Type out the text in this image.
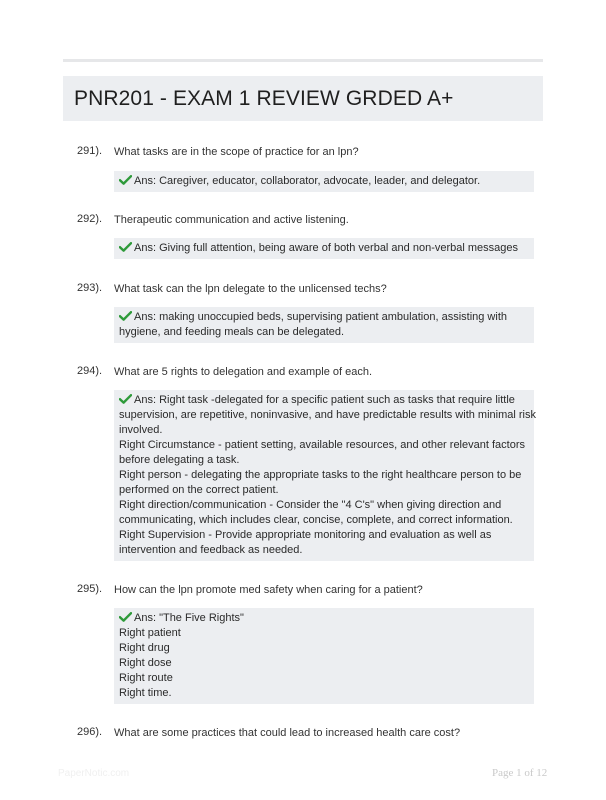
PNR201 - EXAM 1 REVIEW GRDED A+
291). What tasks are in the scope of practice for an lpn?
Ans: Caregiver, educator, collaborator, advocate, leader, and delegator.
292). Therapeutic communication and active listening.
Ans: Giving full attention, being aware of both verbal and non-verbal messages
293). What task can the lpn delegate to the unlicensed techs?
Ans: making unoccupied beds, supervising patient ambulation, assisting with
hygiene, and feeding meals can be delegated.
294). What are 5 rights to delegation and example of each.
Ans: Right task -delegated for a specific patient such as tasks that require little
supervision, are repetitive, noninvasive, and have predictable results with minimal risk
involved.
Right Circumstance - patient setting, available resources, and other relevant factors
before delegating a task.
Right person - delegating the appropriate tasks to the right healthcare person to be
performed on the correct patient.
Right direction/communication - Consider the "4 C's" when giving direction and
communicating, which includes clear, concise, complete, and correct information.
Right Supervision - Provide appropriate monitoring and evaluation as well as
intervention and feedback as needed.
295). How can the lpn promote med safety when caring for a patient?
Ans: "The Five Rights"
Right patient
Right drug
Right dose
Right route
Right time.
296). What are some practices that could lead to increased health care cost?
PaperNotic.com	Page 1 of 12
